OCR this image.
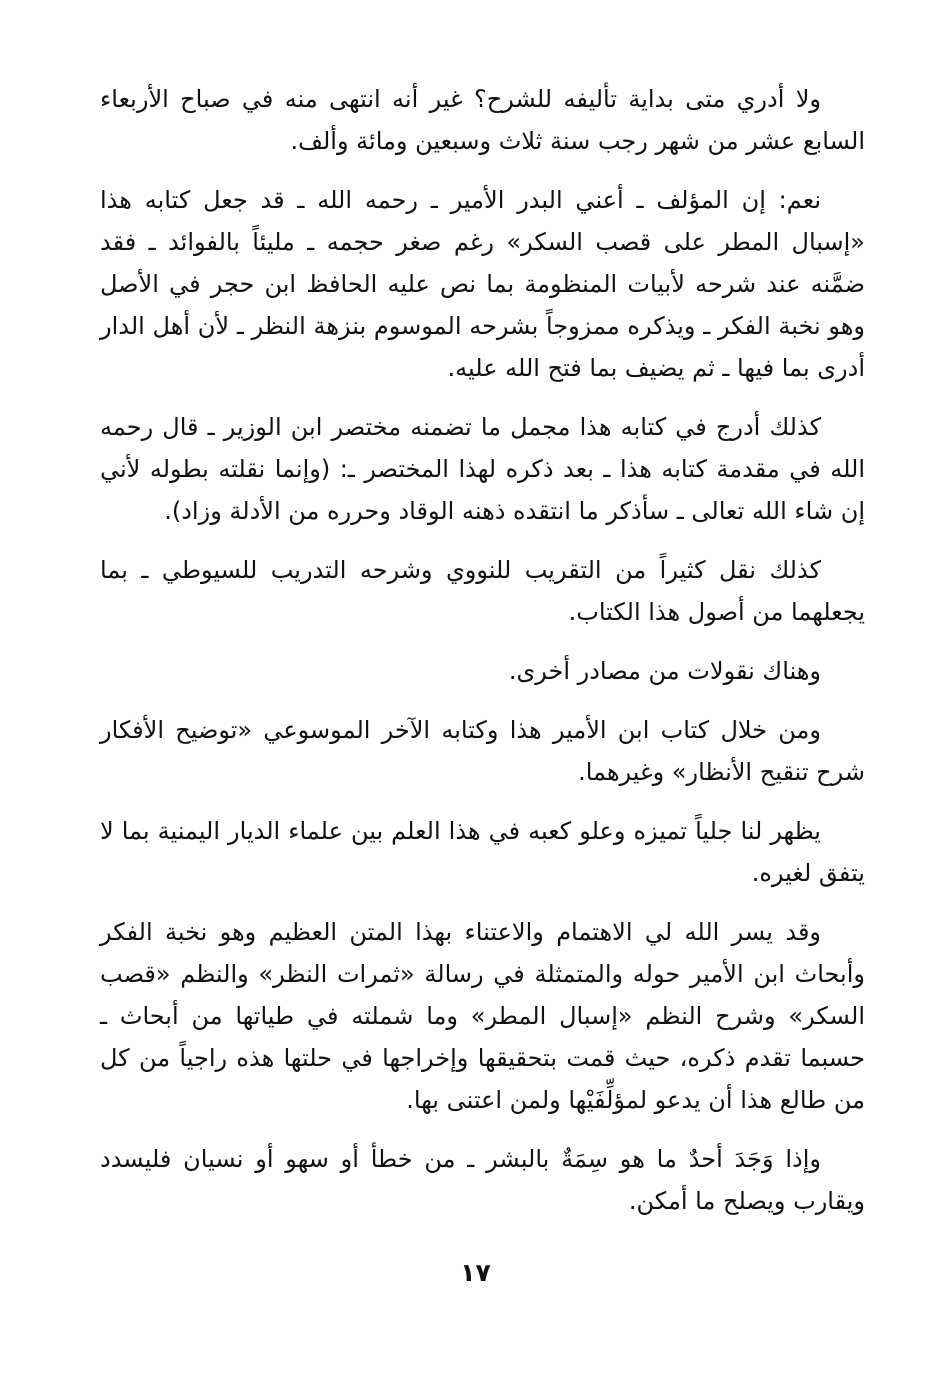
ولا أدري متى بداية تأليفه للشرح؟ غير أنه انتهى منه في صباح الأربعاء السابع عشر من شهر رجب سنة ثلاث وسبعين ومائة وألف.

نعم: إن المؤلف ـ أعني البدر الأمير ـ رحمه الله ـ قد جعل كتابه هذا «إسبال المطر على قصب السكر» رغم صغر حجمه ـ مليئاً بالفوائد ـ فقد ضمَّنه عند شرحه لأبيات المنظومة بما نص عليه الحافظ ابن حجر في الأصل وهو نخبة الفكر ـ ويذكره ممزوجاً بشرحه الموسوم بنزهة النظر ـ لأن أهل الدار أدرى بما فيها ـ ثم يضيف بما فتح الله عليه.

كذلك أدرج في كتابه هذا مجمل ما تضمنه مختصر ابن الوزير ـ قال رحمه الله في مقدمة كتابه هذا ـ بعد ذكره لهذا المختصر ـ: (وإنما نقلته بطوله لأني إن شاء الله تعالى ـ سأذكر ما انتقده ذهنه الوقاد وحرره من الأدلة وزاد).

كذلك نقل كثيراً من التقريب للنووي وشرحه التدريب للسيوطي ـ بما يجعلهما من أصول هذا الكتاب.

وهناك نقولات من مصادر أخرى.

ومن خلال كتاب ابن الأمير هذا وكتابه الآخر الموسوعي «توضيح الأفكار شرح تنقيح الأنظار» وغيرهما.

يظهر لنا جلياً تميزه وعلو كعبه في هذا العلم بين علماء الديار اليمنية بما لا يتفق لغيره.

وقد يسر الله لي الاهتمام والاعتناء بهذا المتن العظيم وهو نخبة الفكر وأبحاث ابن الأمير حوله والمتمثلة في رسالة «ثمرات النظر» والنظم «قصب السكر» وشرح النظم «إسبال المطر» وما شملته في طياتها من أبحاث ـ حسبما تقدم ذكره، حيث قمت بتحقيقها وإخراجها في حلتها هذه راجياً من كل من طالع هذا أن يدعو لمؤلِّفَيْها ولمن اعتنى بها.

وإذا وَجَدَ أحدٌ ما هو سِمَةٌ بالبشر ـ من خطأ أو سهو أو نسيان فليسدد ويقارب ويصلح ما أمكن.

١٧
